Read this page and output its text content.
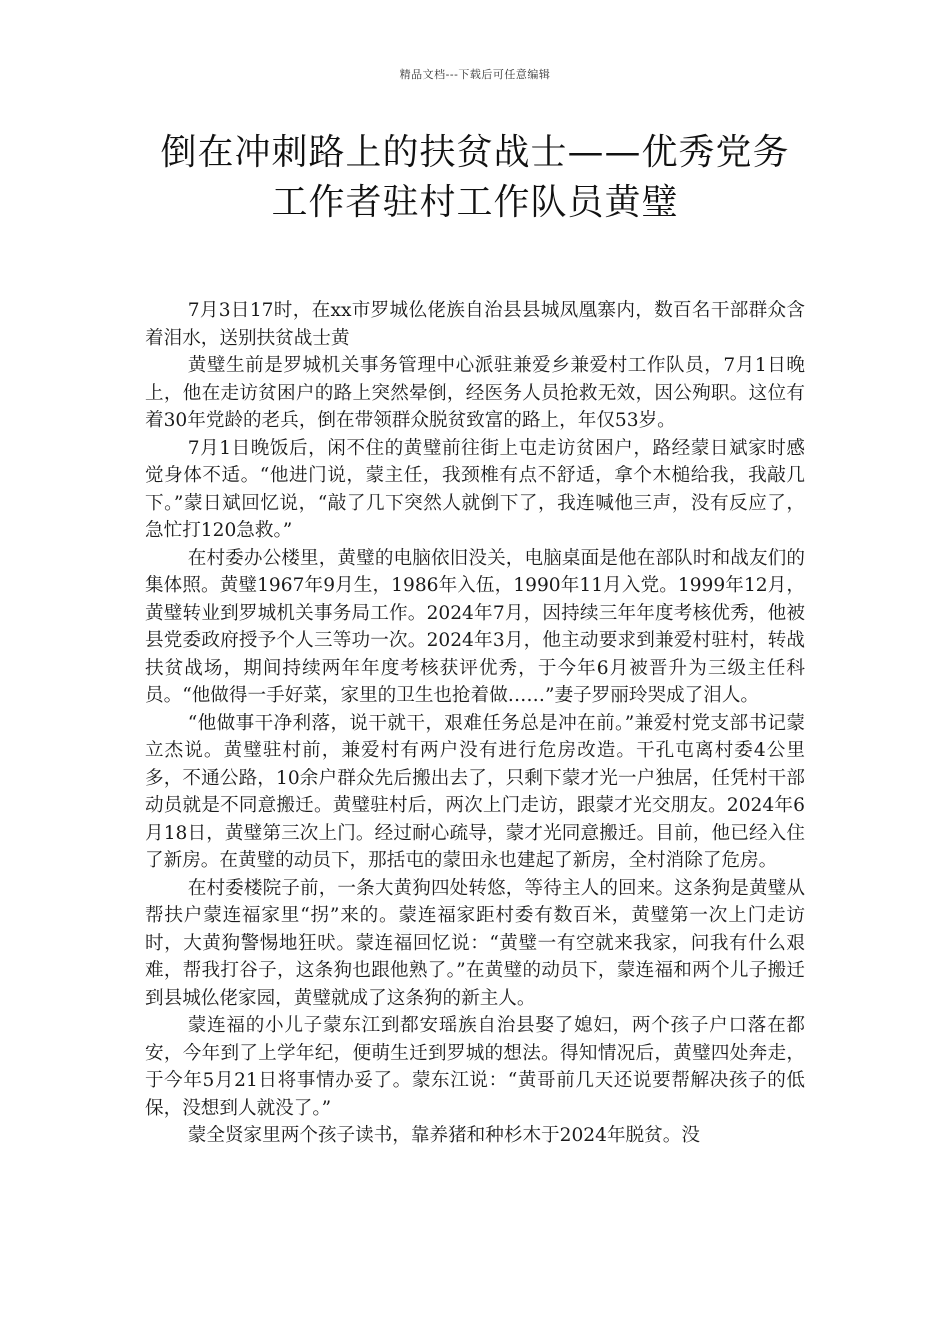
精品文档---下载后可任意编辑
倒在冲刺路上的扶贫战士——优秀党务
工作者驻村工作队员黄璧

7月3日17时，在xx市罗城仫佬族自治县县城凤凰寨内，数百名干部群众含着泪水，送别扶贫战士黄

黄璧生前是罗城机关事务管理中心派驻兼爱乡兼爱村工作队员，7月1日晚上，他在走访贫困户的路上突然晕倒，经医务人员抢救无效，因公殉职。这位有着30年党龄的老兵，倒在带领群众脱贫致富的路上，年仅53岁。

7月1日晚饭后，闲不住的黄璧前往街上屯走访贫困户，路经蒙日斌家时感觉身体不适。“他进门说，蒙主任，我颈椎有点不舒适，拿个木槌给我，我敲几下。”蒙日斌回忆说，“敲了几下突然人就倒下了，我连喊他三声，没有反应了，急忙打120急救。”

在村委办公楼里，黄璧的电脑依旧没关，电脑桌面是他在部队时和战友们的集体照。黄璧1967年9月生，1986年入伍，1990年11月入党。1999年12月，黄璧转业到罗城机关事务局工作。2024年7月，因持续三年年度考核优秀，他被县党委政府授予个人三等功一次。2024年3月，他主动要求到兼爱村驻村，转战扶贫战场，期间持续两年年度考核获评优秀，于今年6月被晋升为三级主任科员。“他做得一手好菜，家里的卫生也抢着做……”妻子罗丽玲哭成了泪人。

“他做事干净利落，说干就干，艰难任务总是冲在前。”兼爱村党支部书记蒙立杰说。黄璧驻村前，兼爱村有两户没有进行危房改造。干孔屯离村委4公里多，不通公路，10余户群众先后搬出去了，只剩下蒙才光一户独居，任凭村干部动员就是不同意搬迁。黄璧驻村后，两次上门走访，跟蒙才光交朋友。2024年6月18日，黄璧第三次上门。经过耐心疏导，蒙才光同意搬迁。目前，他已经入住了新房。在黄璧的动员下，那括屯的蒙田永也建起了新房，全村消除了危房。

在村委楼院子前，一条大黄狗四处转悠，等待主人的回来。这条狗是黄璧从帮扶户蒙连福家里“拐”来的。蒙连福家距村委有数百米，黄璧第一次上门走访时，大黄狗警惕地狂吠。蒙连福回忆说：“黄璧一有空就来我家，问我有什么艰难，帮我打谷子，这条狗也跟他熟了。”在黄璧的动员下，蒙连福和两个儿子搬迁到县城仫佬家园，黄璧就成了这条狗的新主人。

蒙连福的小儿子蒙东江到都安瑶族自治县娶了媳妇，两个孩子户口落在都安，今年到了上学年纪，便萌生迁到罗城的想法。得知情况后，黄璧四处奔走，于今年5月21日将事情办妥了。蒙东江说：“黄哥前几天还说要帮解决孩子的低保，没想到人就没了。”

蒙全贤家里两个孩子读书，靠养猪和种杉木于2024年脱贫。没
